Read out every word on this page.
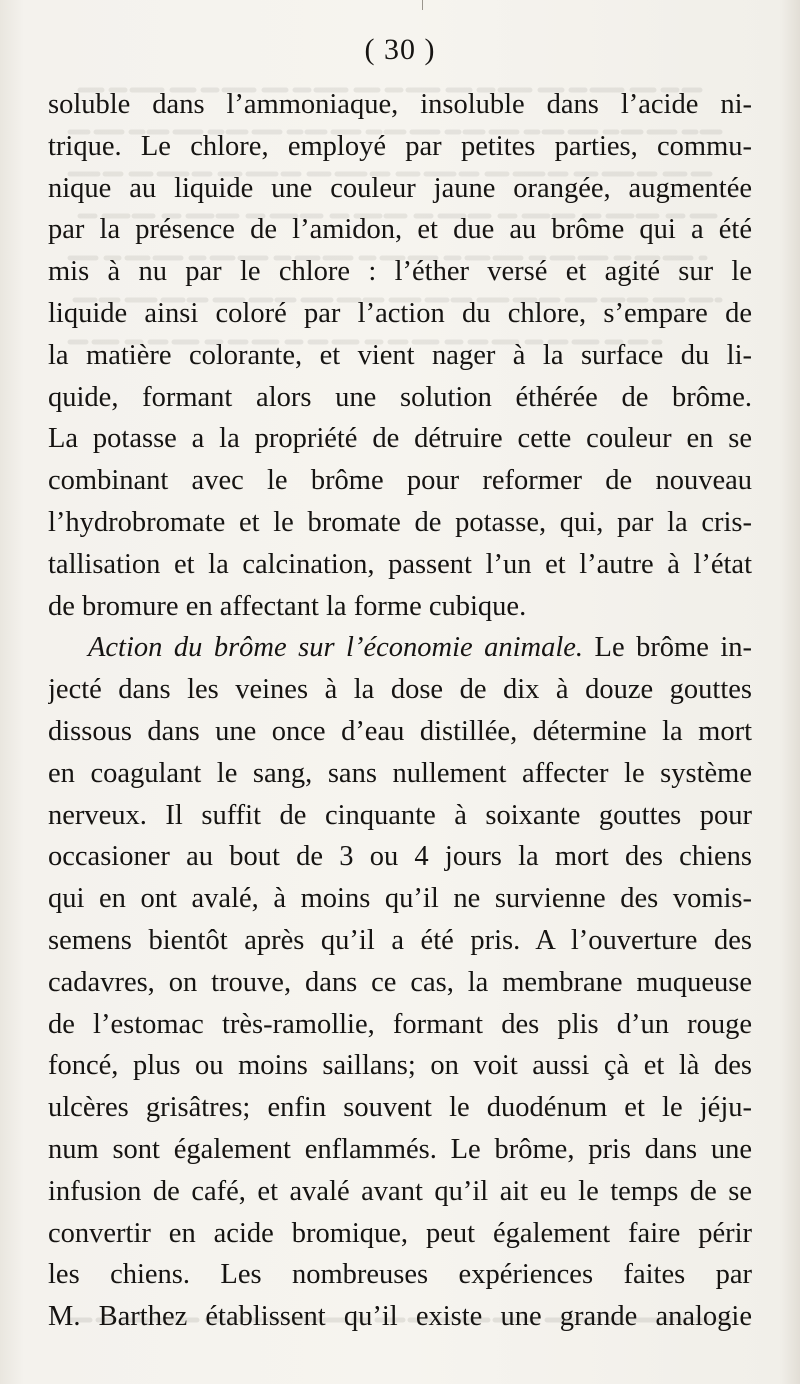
( 30 )
soluble dans l’ammoniaque, insoluble dans l’acide ni-
trique. Le chlore, employé par petites parties, commu-
nique au liquide une couleur jaune orangée, augmentée
par la présence de l’amidon, et due au brôme qui a été
mis à nu par le chlore : l’éther versé et agité sur le
liquide ainsi coloré par l’action du chlore, s’empare de
la matière colorante, et vient nager à la surface du li-
quide, formant alors une solution éthérée de brôme.
La potasse a la propriété de détruire cette couleur en se
combinant avec le brôme pour reformer de nouveau
l’hydrobromate et le bromate de potasse, qui, par la cris-
tallisation et la calcination, passent l’un et l’autre à l’état
de bromure en affectant la forme cubique.
Action du brôme sur l’économie animale. Le brôme in-
jecté dans les veines à la dose de dix à douze gouttes
dissous dans une once d’eau distillée, détermine la mort
en coagulant le sang, sans nullement affecter le système
nerveux. Il suffit de cinquante à soixante gouttes pour
occasioner au bout de 3 ou 4 jours la mort des chiens
qui en ont avalé, à moins qu’il ne survienne des vomis-
semens bientôt après qu’il a été pris. A l’ouverture des
cadavres, on trouve, dans ce cas, la membrane muqueuse
de l’estomac très-ramollie, formant des plis d’un rouge
foncé, plus ou moins saillans; on voit aussi çà et là des
ulcères grisâtres; enfin souvent le duodénum et le jéju-
num sont également enflammés. Le brôme, pris dans une
infusion de café, et avalé avant qu’il ait eu le temps de se
convertir en acide bromique, peut également faire périr
les chiens. Les nombreuses expériences faites par
M. Barthez établissent qu’il existe une grande analogie
